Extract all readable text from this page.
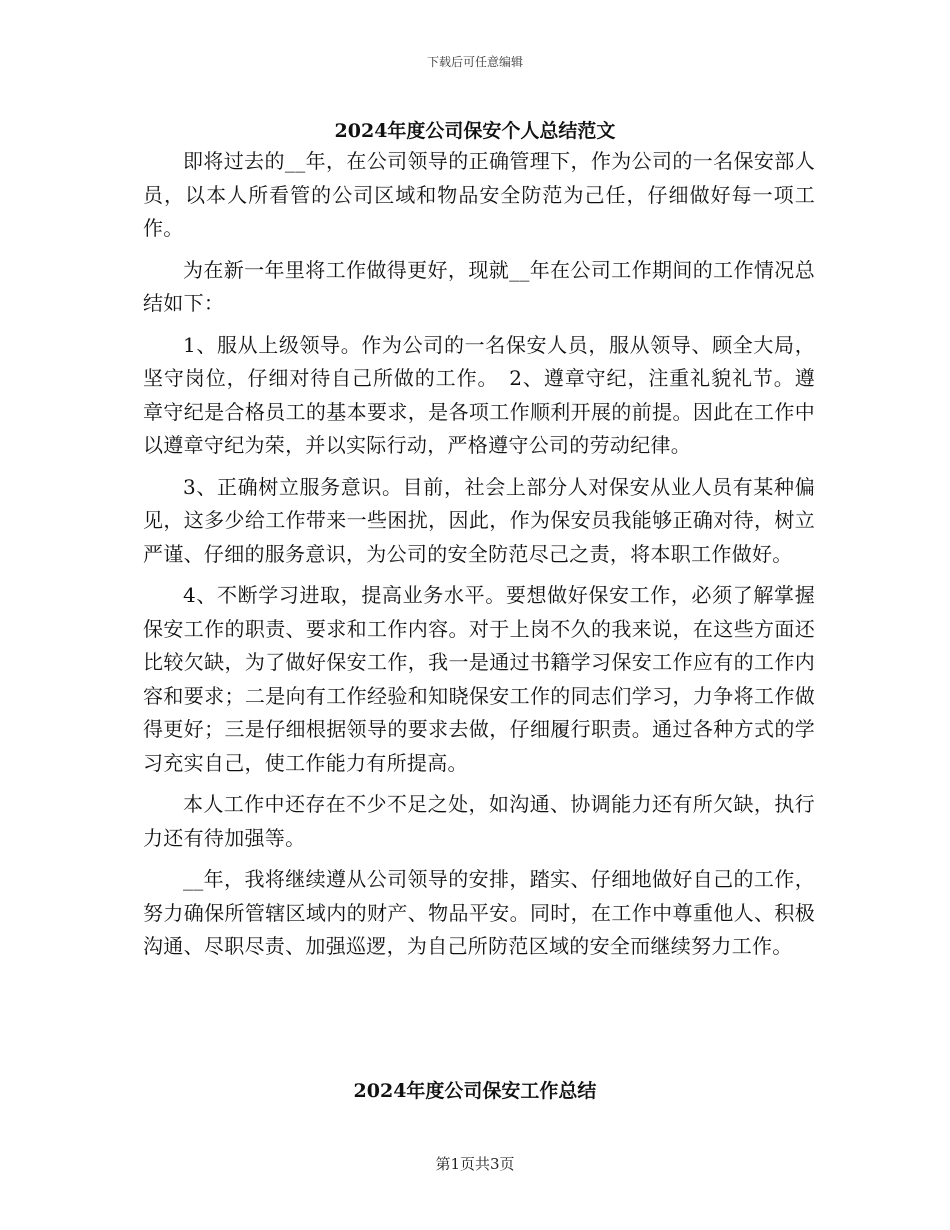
下载后可任意编辑
2024年度公司保安个人总结范文

即将过去的__年，在公司领导的正确管理下，作为公司的一名保安部人员，以本人所看管的公司区域和物品安全防范为己任，仔细做好每一项工作。

为在新一年里将工作做得更好，现就__年在公司工作期间的工作情况总结如下：

1、服从上级领导。作为公司的一名保安人员，服从领导、顾全大局，坚守岗位，仔细对待自己所做的工作。　2、遵章守纪，注重礼貌礼节。遵章守纪是合格员工的基本要求，是各项工作顺利开展的前提。因此在工作中以遵章守纪为荣，并以实际行动，严格遵守公司的劳动纪律。

3、正确树立服务意识。目前，社会上部分人对保安从业人员有某种偏见，这多少给工作带来一些困扰，因此，作为保安员我能够正确对待，树立严谨、仔细的服务意识，为公司的安全防范尽己之责，将本职工作做好。

4、不断学习进取，提高业务水平。要想做好保安工作，必须了解掌握保安工作的职责、要求和工作内容。对于上岗不久的我来说，在这些方面还比较欠缺，为了做好保安工作，我一是通过书籍学习保安工作应有的工作内容和要求；二是向有工作经验和知晓保安工作的同志们学习，力争将工作做得更好；三是仔细根据领导的要求去做，仔细履行职责。通过各种方式的学习充实自己，使工作能力有所提高。

本人工作中还存在不少不足之处，如沟通、协调能力还有所欠缺，执行力还有待加强等。

__年，我将继续遵从公司领导的安排，踏实、仔细地做好自己的工作，努力确保所管辖区域内的财产、物品平安。同时，在工作中尊重他人、积极沟通、尽职尽责、加强巡逻，为自己所防范区域的安全而继续努力工作。

2024年度公司保安工作总结
第1页共3页
